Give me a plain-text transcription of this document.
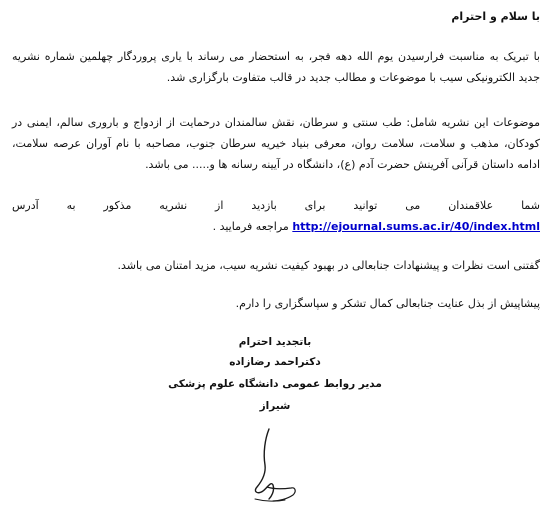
با سلام و احترام

با تبریک به مناسبت فرارسیدن یوم الله دهه فجر، به استحضار می رساند با یاری پروردگار چهلمین شماره نشریه جدید الکترونیکی سیب با موضوعات و مطالب جدید در قالب متفاوت بارگزاری شد.

موضوعات این نشریه شامل: طب سنتی و سرطان، نقش سالمندان درحمایت از ازدواج و باروری سالم، ایمنی در کودکان، مذهب و سلامت، سلامت روان، معرفی بنیاد خیریه سرطان جنوب، مصاحبه با نام آوران عرصه سلامت، ادامه داستان قرآنی آفرینش حضرت آدم (ع)، دانشگاه در آیینه رسانه ها و..... می باشد.

شما علاقمندان می توانید برای بازدید از نشریه مذکور به آدرس http://ejournal.sums.ac.ir/40/index.html مراجعه فرمایید .

گفتنی است نظرات و پیشنهادات جنابعالی در بهبود کیفیت نشریه سیب، مزید امتنان می باشد.

پیشاپیش از بذل عنایت جنابعالی کمال تشکر و سپاسگزاری را دارم.

باتجدید احترام
دکتراحمد رضازاده
مدیر روابط عمومی دانشگاه علوم پزشکی
شیراز
